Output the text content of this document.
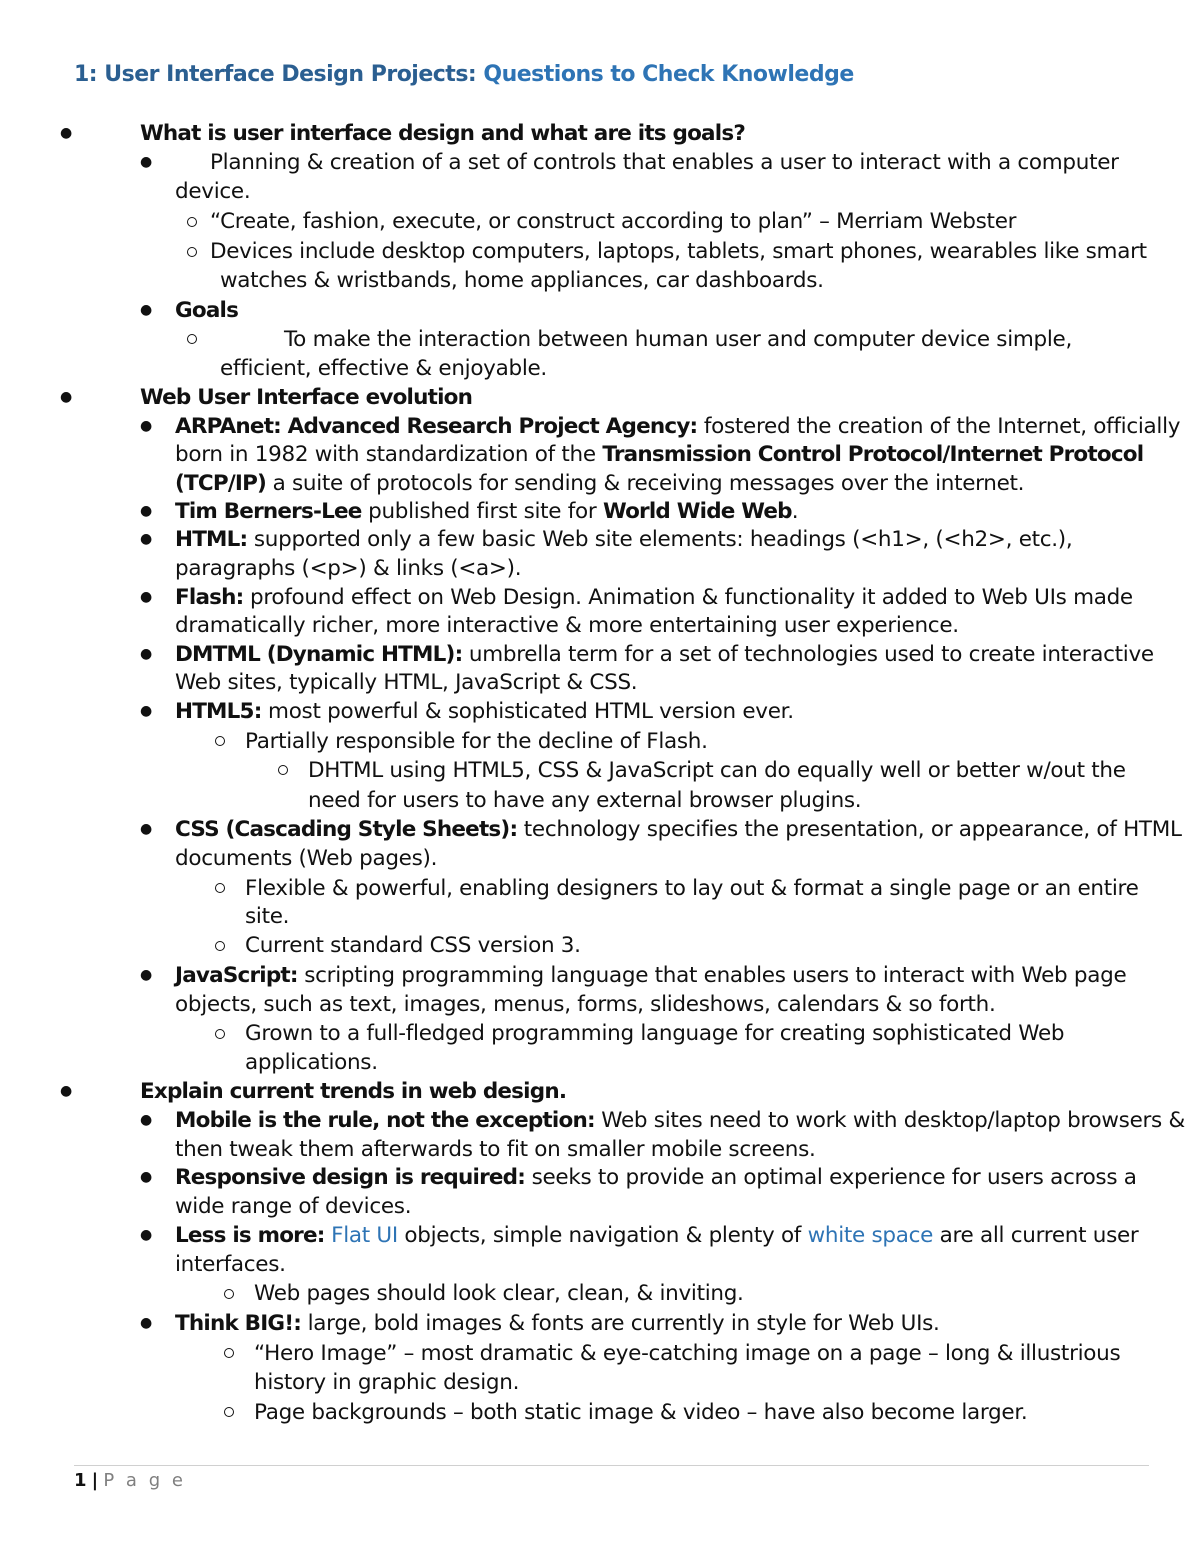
1: User Interface Design Projects: Questions to Check Knowledge
●	What is user interface design and what are its goals?
●	Planning & creation of a set of controls that enables a user to interact with a computer
device.
“Create, fashion, execute, or construct according to plan” – Merriam Webster
Devices include desktop computers, laptops, tablets, smart phones, wearables like smart
watches & wristbands, home appliances, car dashboards.
● Goals
To make the interaction between human user and computer device simple,
efficient, effective & enjoyable.
●	Web User Interface evolution
● ARPAnet: Advanced Research Project Agency: fostered the creation of the Internet, officially
born in 1982 with standardization of the Transmission Control Protocol/Internet Protocol
(TCP/IP) a suite of protocols for sending & receiving messages over the internet.
● Tim Berners-Lee published first site for World Wide Web.
● HTML: supported only a few basic Web site elements: headings (<h1>, (<h2>, etc.),
paragraphs (<p>) & links (<a>).
● Flash: profound effect on Web Design. Animation & functionality it added to Web UIs made
dramatically richer, more interactive & more entertaining user experience.
● DMTML (Dynamic HTML): umbrella term for a set of technologies used to create interactive
Web sites, typically HTML, JavaScript & CSS.
● HTML5: most powerful & sophisticated HTML version ever.
Partially responsible for the decline of Flash.
DHTML using HTML5, CSS & JavaScript can do equally well or better w/out the
need for users to have any external browser plugins.
● CSS (Cascading Style Sheets): technology specifies the presentation, or appearance, of HTML
documents (Web pages).
Flexible & powerful, enabling designers to lay out & format a single page or an entire
site.
Current standard CSS version 3.
● JavaScript: scripting programming language that enables users to interact with Web page
objects, such as text, images, menus, forms, slideshows, calendars & so forth.
Grown to a full-fledged programming language for creating sophisticated Web
applications.
●	Explain current trends in web design.
● Mobile is the rule, not the exception: Web sites need to work with desktop/laptop browsers &
then tweak them afterwards to fit on smaller mobile screens.
● Responsive design is required: seeks to provide an optimal experience for users across a
wide range of devices.
● Less is more: Flat UI objects, simple navigation & plenty of white space are all current user
interfaces.
Web pages should look clear, clean, & inviting.
● Think BIG!: large, bold images & fonts are currently in style for Web UIs.
“Hero Image” – most dramatic & eye-catching image on a page – long & illustrious
history in graphic design.
Page backgrounds – both static image & video – have also become larger.
1 | P a g e
